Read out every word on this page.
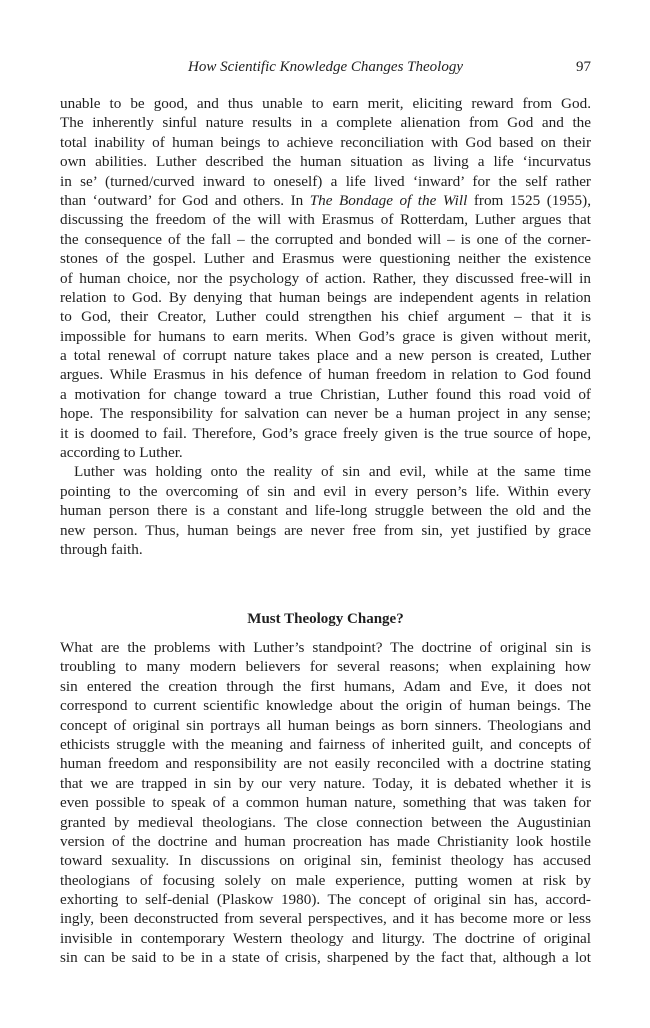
How Scientific Knowledge Changes Theology	97
unable to be good, and thus unable to earn merit, eliciting reward from God.
The inherently sinful nature results in a complete alienation from God and the
total inability of human beings to achieve reconciliation with God based on their
own abilities. Luther described the human situation as living a life ‘incurvatus
in se’ (turned/curved inward to oneself) a life lived ‘inward’ for the self rather
than ‘outward’ for God and others. In The Bondage of the Will from 1525 (1955),
discussing the freedom of the will with Erasmus of Rotterdam, Luther argues that
the consequence of the fall – the corrupted and bonded will – is one of the corner-
stones of the gospel. Luther and Erasmus were questioning neither the existence
of human choice, nor the psychology of action. Rather, they discussed free-will in
relation to God. By denying that human beings are independent agents in relation
to God, their Creator, Luther could strengthen his chief argument – that it is
impossible for humans to earn merits. When God’s grace is given without merit,
a total renewal of corrupt nature takes place and a new person is created, Luther
argues. While Erasmus in his defence of human freedom in relation to God found
a motivation for change toward a true Christian, Luther found this road void of
hope. The responsibility for salvation can never be a human project in any sense;
it is doomed to fail. Therefore, God’s grace freely given is the true source of hope,
according to Luther.
Luther was holding onto the reality of sin and evil, while at the same time
pointing to the overcoming of sin and evil in every person’s life. Within every
human person there is a constant and life-long struggle between the old and the
new person. Thus, human beings are never free from sin, yet justified by grace
through faith.
Must Theology Change?
What are the problems with Luther’s standpoint? The doctrine of original sin is
troubling to many modern believers for several reasons; when explaining how
sin entered the creation through the first humans, Adam and Eve, it does not
correspond to current scientific knowledge about the origin of human beings. The
concept of original sin portrays all human beings as born sinners. Theologians and
ethicists struggle with the meaning and fairness of inherited guilt, and concepts of
human freedom and responsibility are not easily reconciled with a doctrine stating
that we are trapped in sin by our very nature. Today, it is debated whether it is
even possible to speak of a common human nature, something that was taken for
granted by medieval theologians. The close connection between the Augustinian
version of the doctrine and human procreation has made Christianity look hostile
toward sexuality. In discussions on original sin, feminist theology has accused
theologians of focusing solely on male experience, putting women at risk by
exhorting to self-denial (Plaskow 1980). The concept of original sin has, accord-
ingly, been deconstructed from several perspectives, and it has become more or less
invisible in contemporary Western theology and liturgy. The doctrine of original
sin can be said to be in a state of crisis, sharpened by the fact that, although a lot
